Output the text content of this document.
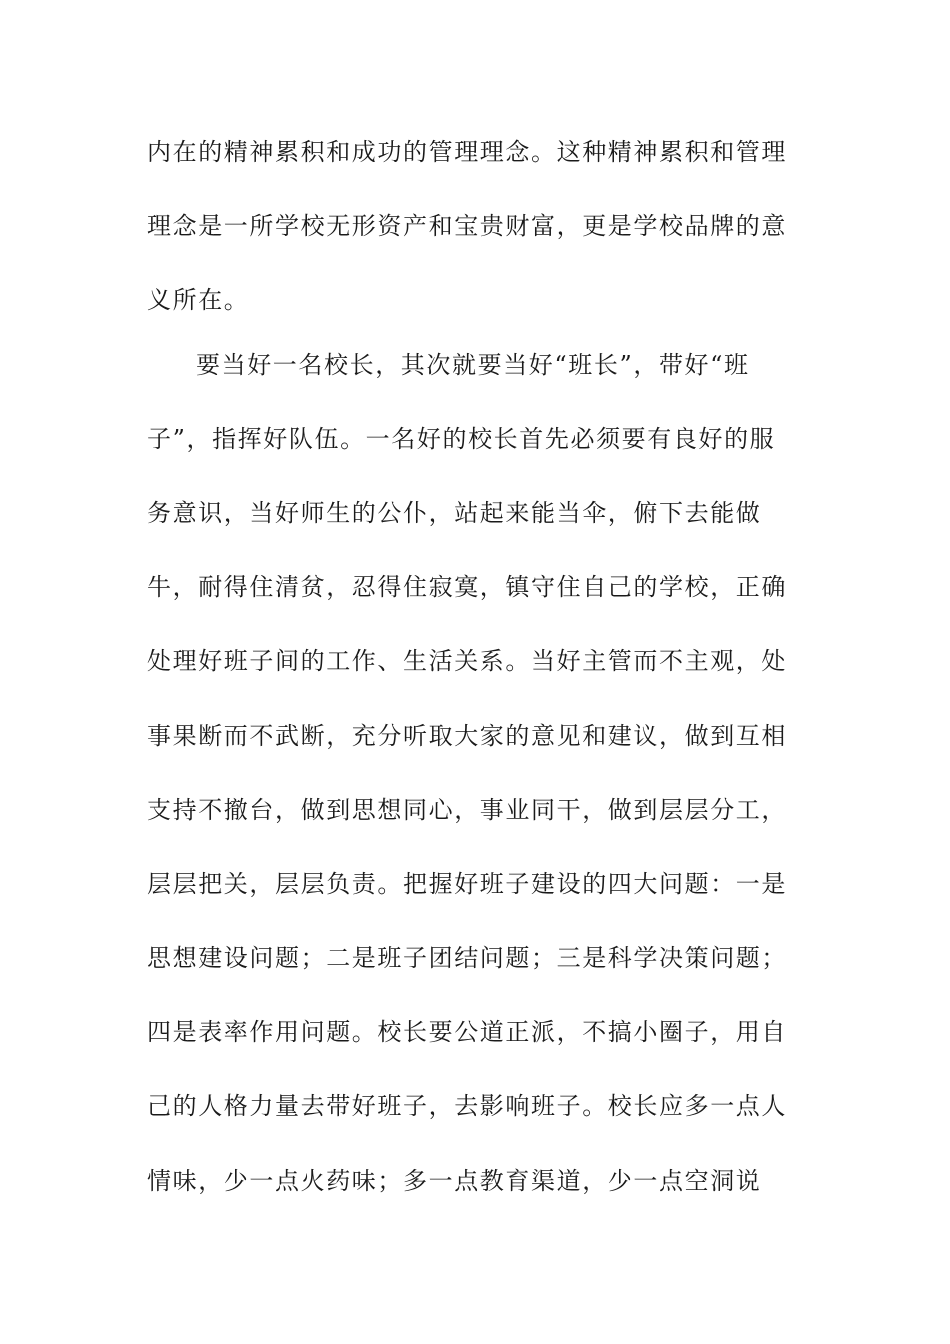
内在的精神累积和成功的管理理念。这种精神累积和管理
理念是一所学校无形资产和宝贵财富，更是学校品牌的意
义所在。
要当好一名校长，其次就要当好“班长”，带好“班
子”，指挥好队伍。一名好的校长首先必须要有良好的服
务意识，当好师生的公仆，站起来能当伞，俯下去能做
牛，耐得住清贫，忍得住寂寞，镇守住自己的学校，正确
处理好班子间的工作、生活关系。当好主管而不主观，处
事果断而不武断，充分听取大家的意见和建议，做到互相
支持不撤台，做到思想同心，事业同干，做到层层分工，
层层把关，层层负责。把握好班子建设的四大问题：一是
思想建设问题；二是班子团结问题；三是科学决策问题；
四是表率作用问题。校长要公道正派，不搞小圈子，用自
己的人格力量去带好班子，去影响班子。校长应多一点人
情味，少一点火药味；多一点教育渠道，少一点空洞说
